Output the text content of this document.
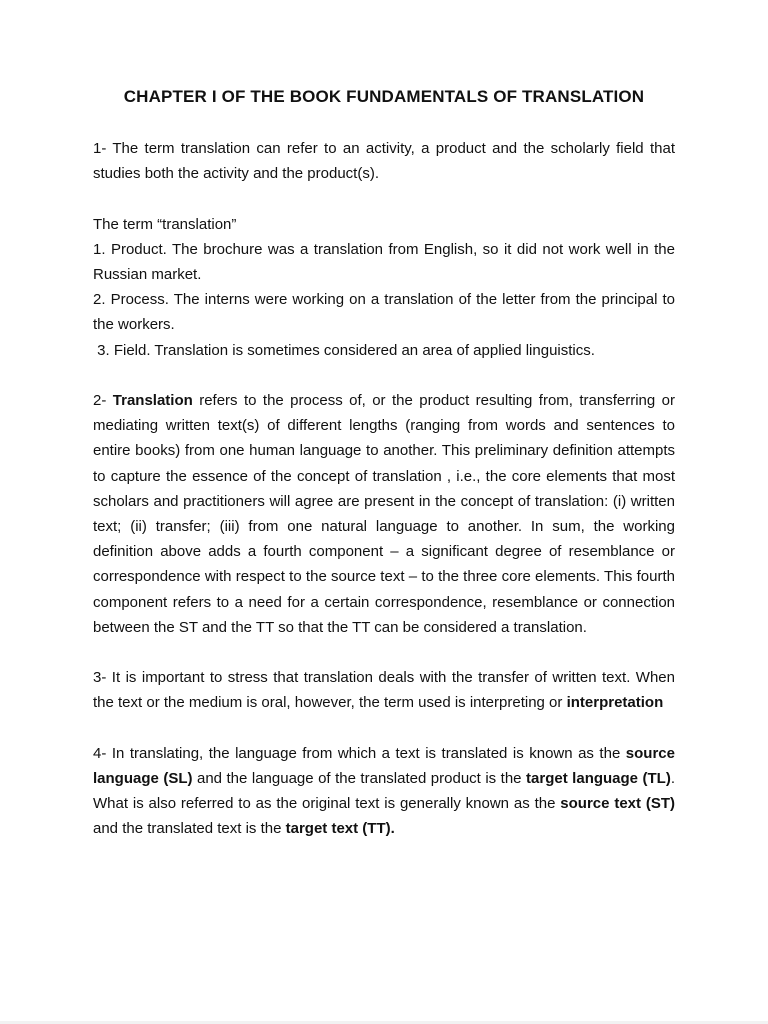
CHAPTER I OF THE BOOK FUNDAMENTALS OF TRANSLATION

1- The term translation can refer to an activity, a product and the scholarly field that studies both the activity and the product(s).

The term “translation”

1. Product. The brochure was a translation from English, so it did not work well in the Russian market.

2. Process. The interns were working on a translation of the letter from the principal to the workers.

3. Field. Translation is sometimes considered an area of applied linguistics.

2- Translation refers to the process of, or the product resulting from, transferring or mediating written text(s) of different lengths (ranging from words and sentences to entire books) from one human language to another. This preliminary definition attempts to capture the essence of the concept of translation , i.e., the core elements that most scholars and practitioners will agree are present in the concept of translation: (i) written text; (ii) transfer; (iii) from one natural language to another. In sum, the working definition above adds a fourth component – a significant degree of resemblance or correspondence with respect to the source text – to the three core elements. This fourth component refers to a need for a certain correspondence, resemblance or connection between the ST and the TT so that the TT can be considered a translation.

3- It is important to stress that translation deals with the transfer of written text. When the text or the medium is oral, however, the term used is interpreting or interpretation

4- In translating, the language from which a text is translated is known as the source language (SL) and the language of the translated product is the target language (TL). What is also referred to as the original text is generally known as the source text (ST) and the translated text is the target text (TT).
